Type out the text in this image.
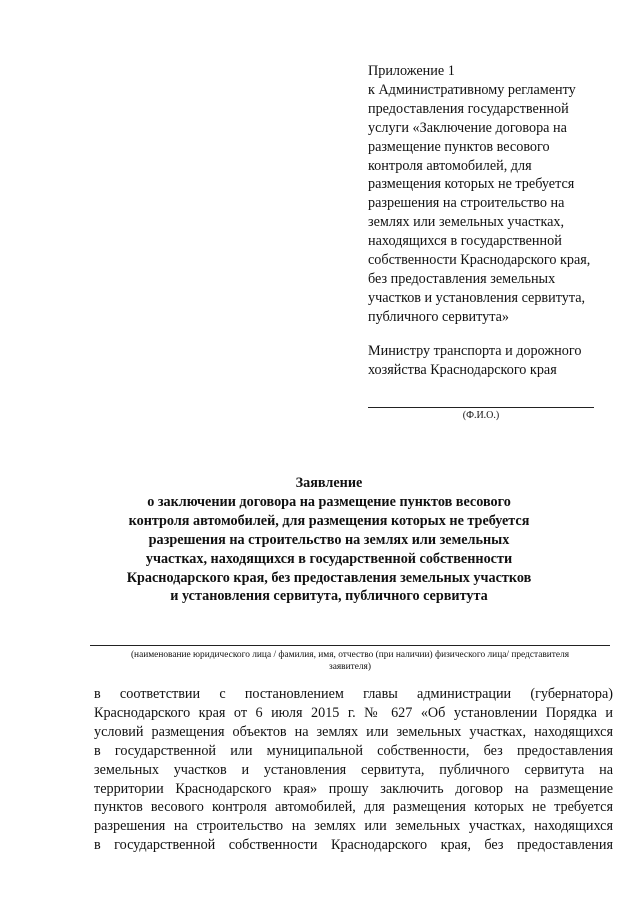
Приложение 1
к Административному регламенту
предоставления государственной
услуги «Заключение договора на
размещение пунктов весового
контроля автомобилей, для
размещения которых не требуется
разрешения на строительство на
землях или земельных участках,
находящихся в государственной
собственности Краснодарского края,
без предоставления земельных
участков и установления сервитута,
публичного сервитута»
Министру транспорта и дорожного
хозяйства Краснодарского края
(Ф.И.О.)
Заявление
о заключении договора на размещение пунктов весового
контроля автомобилей, для размещения которых не требуется
разрешения на строительство на землях или земельных
участках, находящихся в государственной собственности
Краснодарского края, без предоставления земельных участков
и установления сервитута, публичного сервитута
(наименование юридического лица / фамилия, имя, отчество (при наличии) физического лица/ представителя
заявителя)
в соответствии с постановлением главы администрации (губернатора)
Краснодарского края от 6 июля 2015 г. № 627 «Об установлении Порядка и
условий размещения объектов на землях или земельных участках, находящихся
в государственной или муниципальной собственности, без предоставления
земельных участков и установления сервитута, публичного сервитута на
территории Краснодарского края» прошу заключить договор на размещение
пунктов весового контроля автомобилей, для размещения которых не требуется
разрешения на строительство на землях или земельных участках, находящихся
в государственной собственности Краснодарского края, без предоставления
